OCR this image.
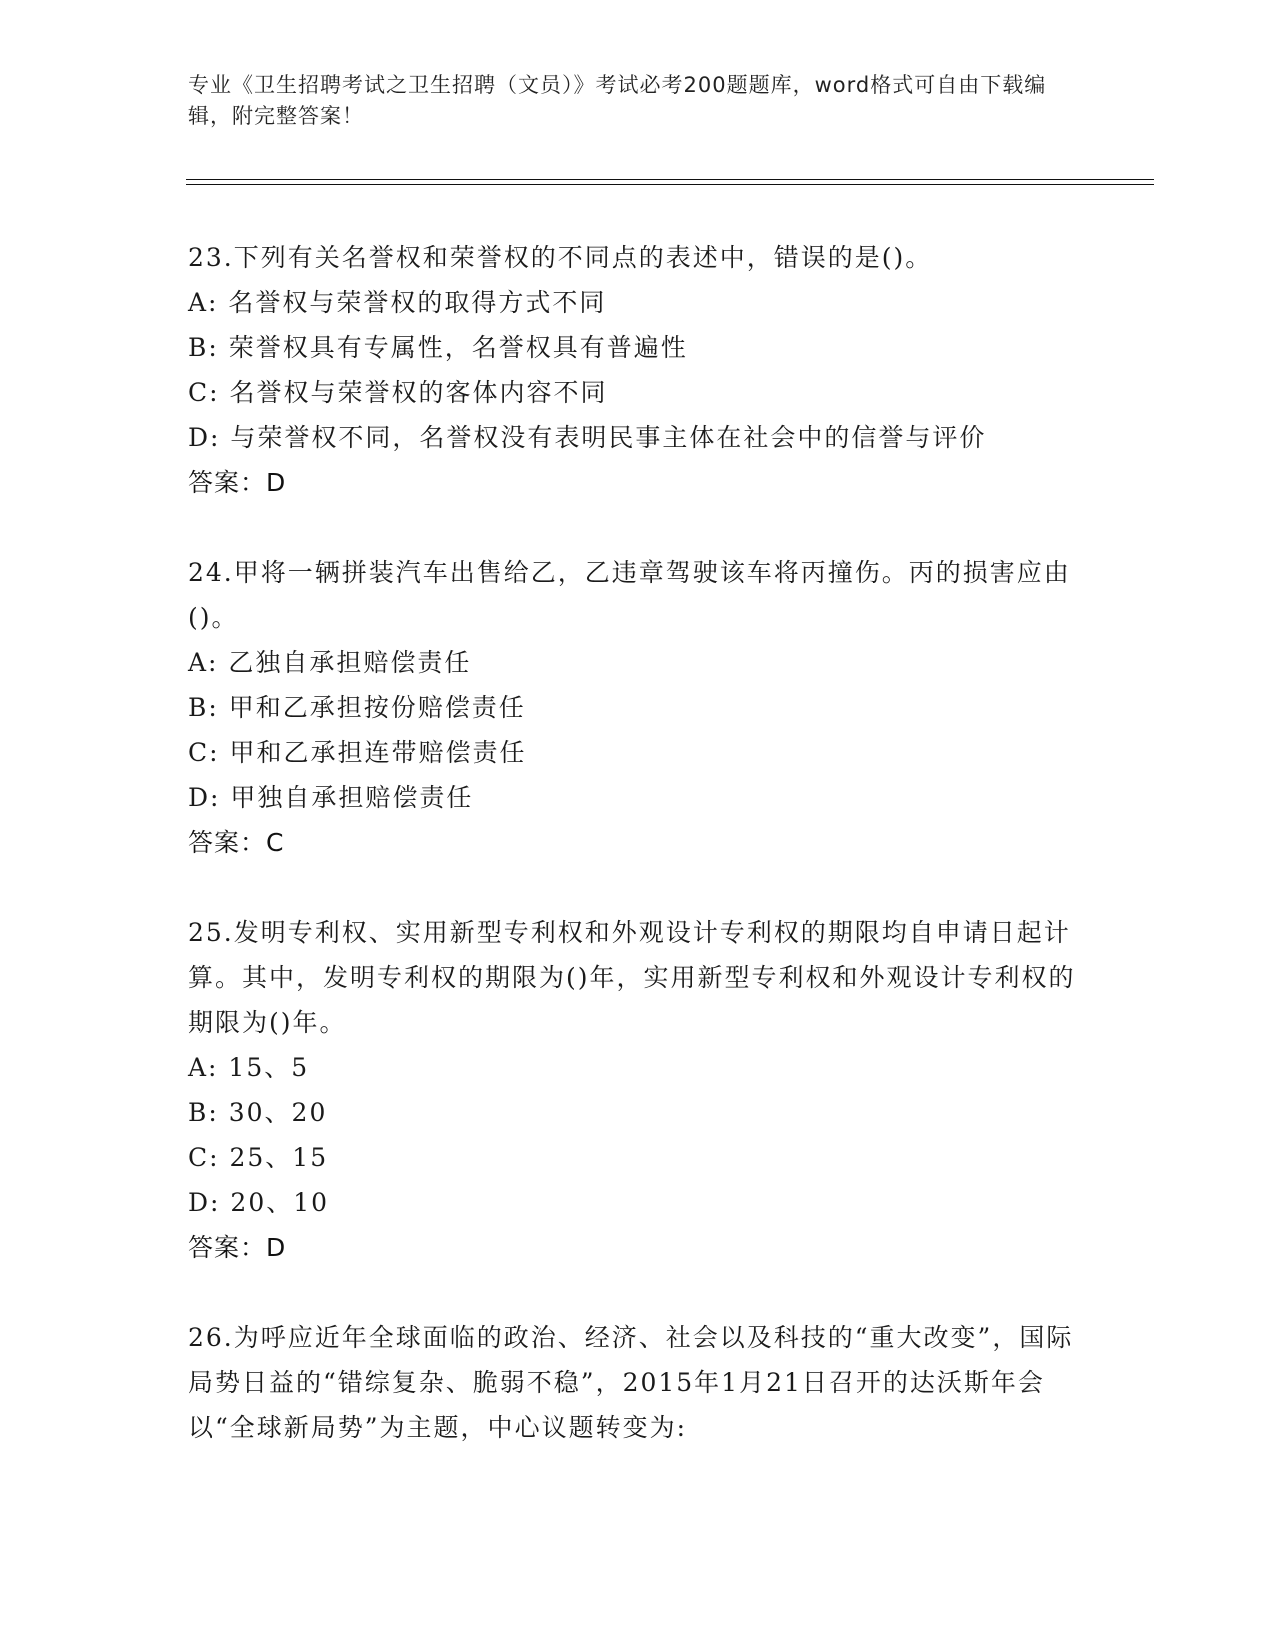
专业《卫生招聘考试之卫生招聘（文员）》考试必考200题题库，word格式可自由下载编辑，附完整答案！

23.下列有关名誉权和荣誉权的不同点的表述中，错误的是()。

A: 名誉权与荣誉权的取得方式不同

B: 荣誉权具有专属性，名誉权具有普遍性

C: 名誉权与荣誉权的客体内容不同

D: 与荣誉权不同，名誉权没有表明民事主体在社会中的信誉与评价

答案：D

24.甲将一辆拼装汽车出售给乙，乙违章驾驶该车将丙撞伤。丙的损害应由()。

A: 乙独自承担赔偿责任

B: 甲和乙承担按份赔偿责任

C: 甲和乙承担连带赔偿责任

D: 甲独自承担赔偿责任

答案：C

25.发明专利权、实用新型专利权和外观设计专利权的期限均自申请日起计算。其中，发明专利权的期限为()年，实用新型专利权和外观设计专利权的期限为()年。

A: 15、5

B: 30、20

C: 25、15

D: 20、10

答案：D

26.为呼应近年全球面临的政治、经济、社会以及科技的“重大改变”，国际局势日益的“错综复杂、脆弱不稳”，2015年1月21日召开的达沃斯年会以“全球新局势”为主题，中心议题转变为:
